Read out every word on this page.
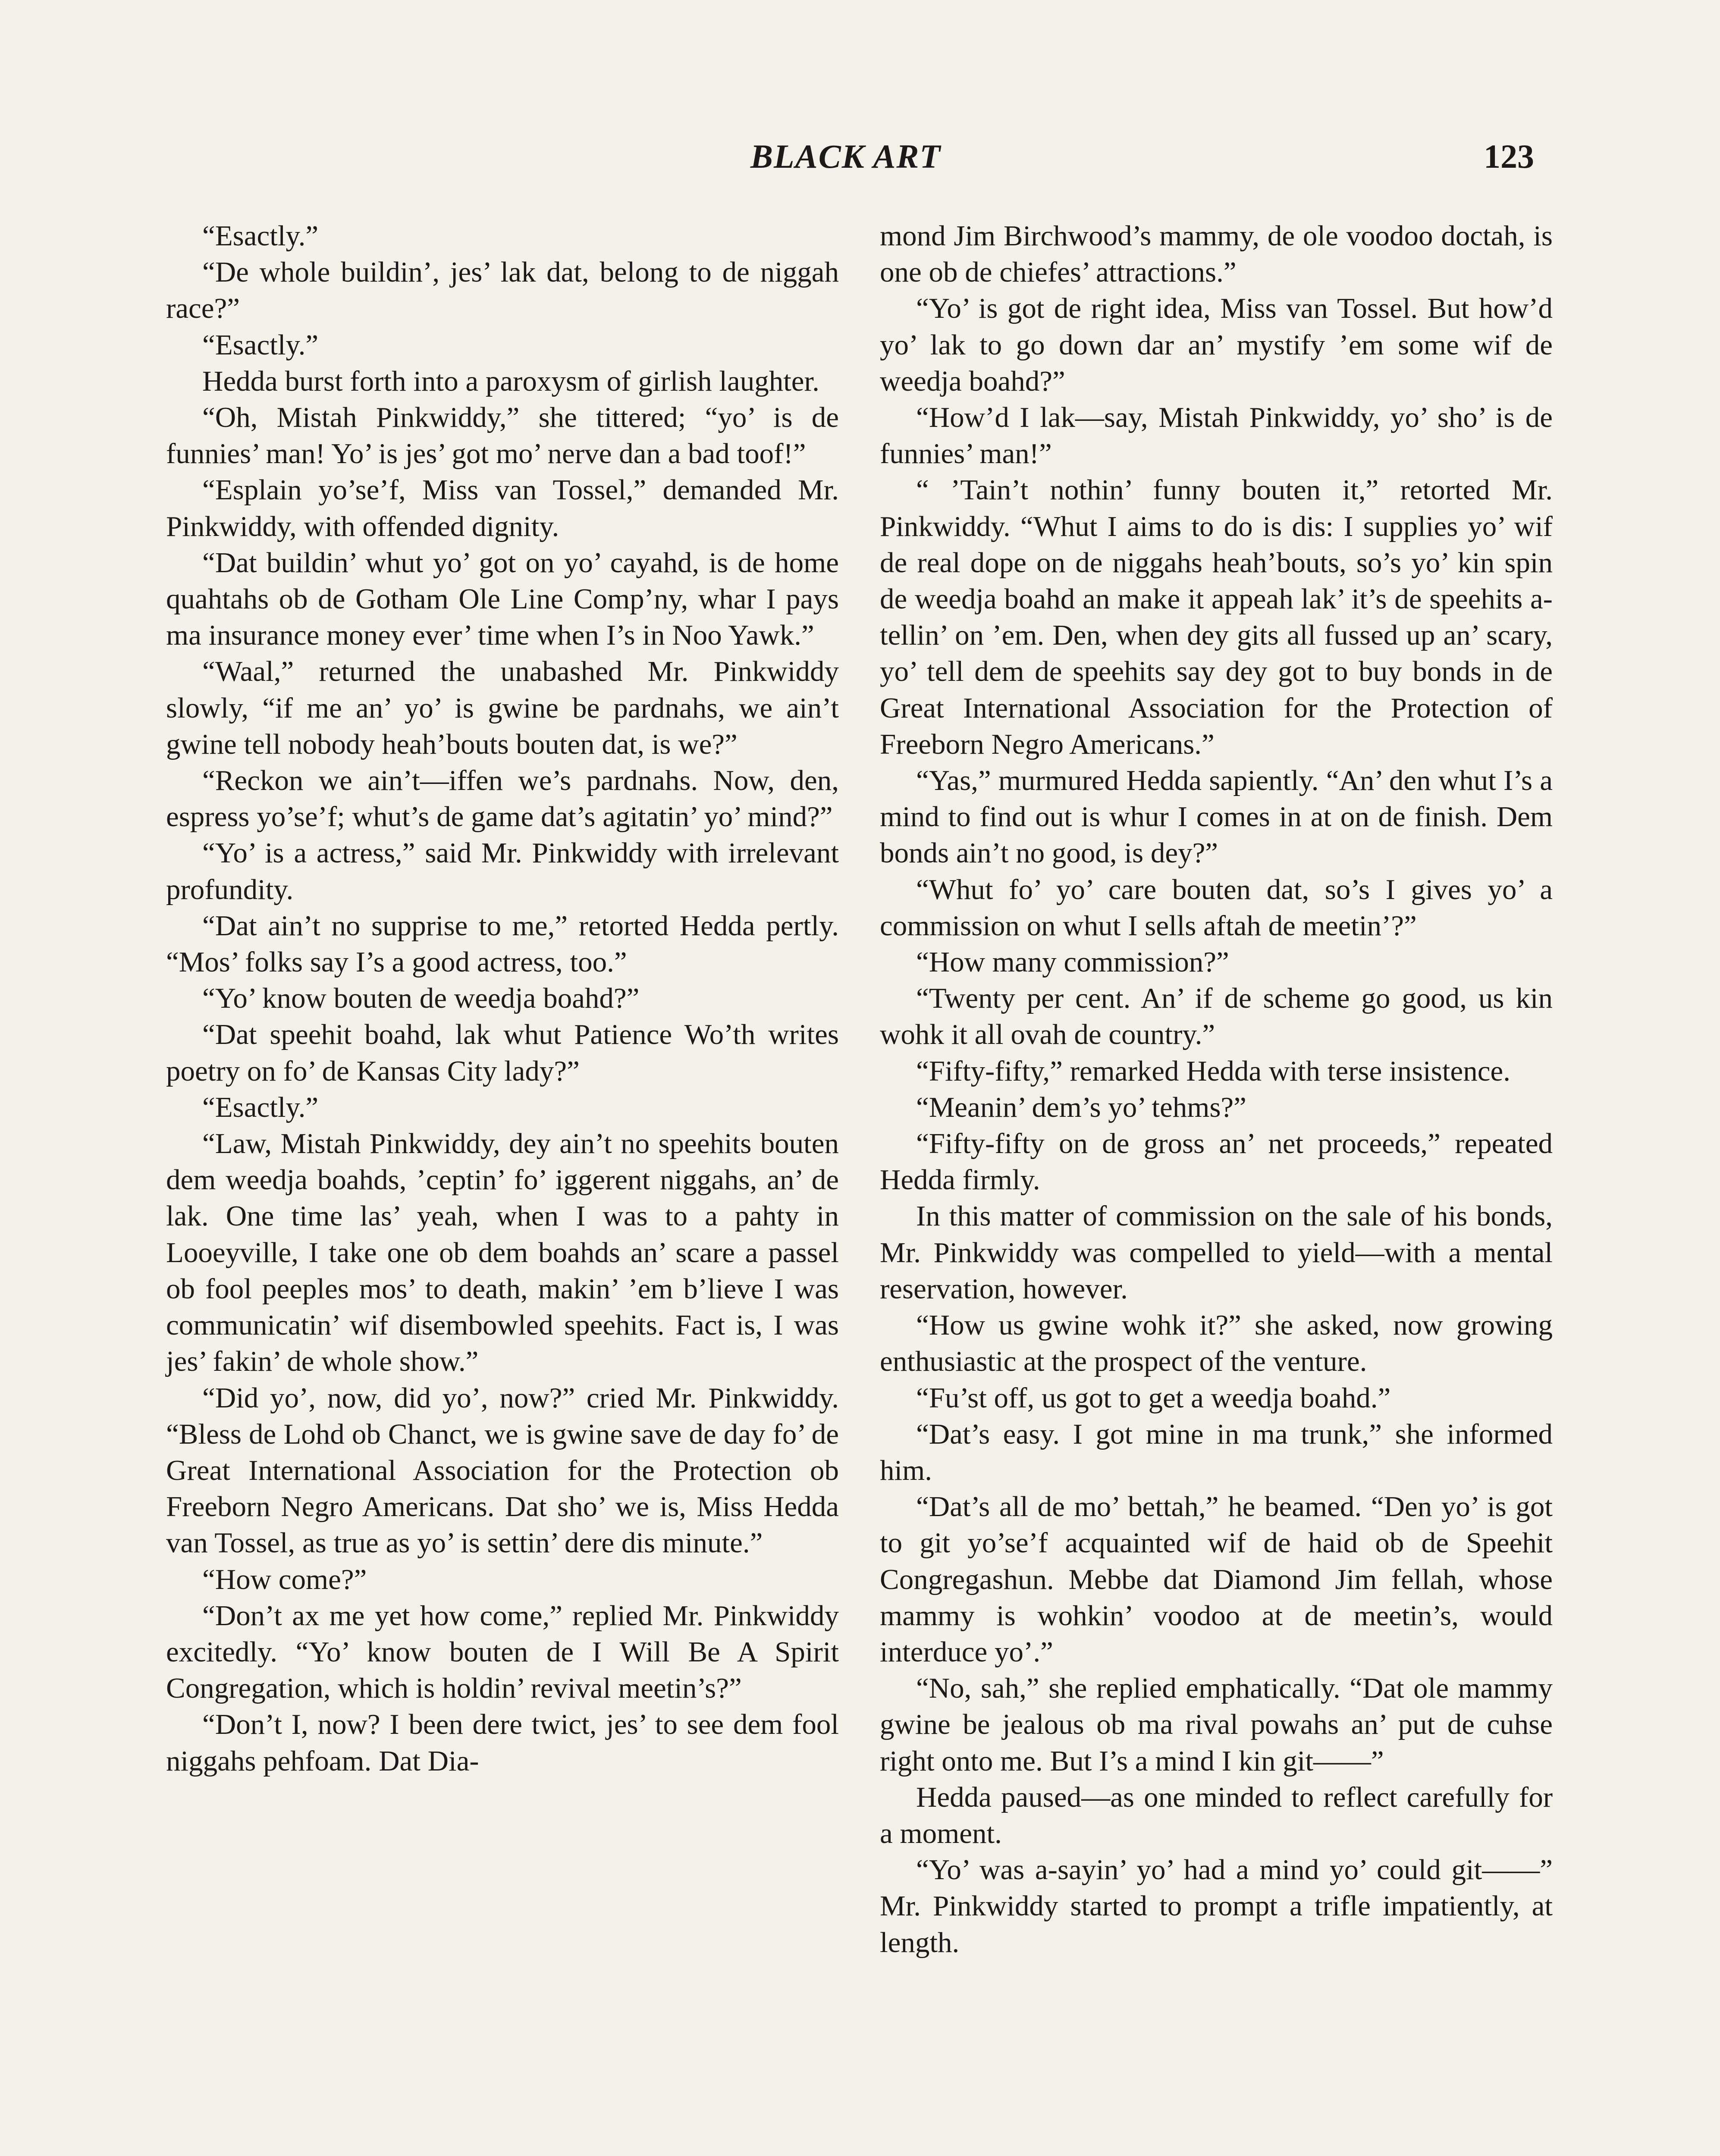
BLACK ART	123

“Esactly.”

“De whole buildin’, jes’ lak dat, belong to de niggah race?”

“Esactly.”

Hedda burst forth into a paroxysm of girlish laughter.

“Oh, Mistah Pinkwiddy,” she tittered; “yo’ is de funnies’ man! Yo’ is jes’ got mo’ nerve dan a bad toof!”

“Esplain yo’se’f, Miss van Tossel,” demanded Mr. Pinkwiddy, with offended dignity.

“Dat buildin’ whut yo’ got on yo’ cayahd, is de home quahtahs ob de Gotham Ole Line Comp’ny, whar I pays ma insurance money ever’ time when I’s in Noo Yawk.”

“Waal,” returned the unabashed Mr. Pinkwiddy slowly, “if me an’ yo’ is gwine be pardnahs, we ain’t gwine tell nobody heah’bouts bouten dat, is we?”

“Reckon we ain’t—iffen we’s pardnahs. Now, den, espress yo’se’f; whut’s de game dat’s agitatin’ yo’ mind?”

“Yo’ is a actress,” said Mr. Pinkwiddy with irrelevant profundity.

“Dat ain’t no supprise to me,” retorted Hedda pertly. “Mos’ folks say I’s a good actress, too.”

“Yo’ know bouten de weedja boahd?”

“Dat speehit boahd, lak whut Patience Wo’th writes poetry on fo’ de Kansas City lady?”

“Esactly.”

“Law, Mistah Pinkwiddy, dey ain’t no speehits bouten dem weedja boahds, ’ceptin’ fo’ iggerent niggahs, an’ de lak. One time las’ yeah, when I was to a pahty in Looeyville, I take one ob dem boahds an’ scare a passel ob fool peeples mos’ to death, makin’ ’em b’lieve I was communicatin’ wif disembowled speehits. Fact is, I was jes’ fakin’ de whole show.”

“Did yo’, now, did yo’, now?” cried Mr. Pinkwiddy. “Bless de Lohd ob Chanct, we is gwine save de day fo’ de Great International Association for the Protection ob Freeborn Negro Americans. Dat sho’ we is, Miss Hedda van Tossel, as true as yo’ is settin’ dere dis minute.”

“How come?”

“Don’t ax me yet how come,” replied Mr. Pinkwiddy excitedly. “Yo’ know bouten de I Will Be A Spirit Congregation, which is holdin’ revival meetin’s?”

“Don’t I, now? I been dere twict, jes’ to see dem fool niggahs pehfoam. Dat Dia-

mond Jim Birchwood’s mammy, de ole voodoo doctah, is one ob de chiefes’ attractions.”

“Yo’ is got de right idea, Miss van Tossel. But how’d yo’ lak to go down dar an’ mystify ’em some wif de weedja boahd?”

“How’d I lak—say, Mistah Pinkwiddy, yo’ sho’ is de funnies’ man!”

“ ’Tain’t nothin’ funny bouten it,” retorted Mr. Pinkwiddy. “Whut I aims to do is dis: I supplies yo’ wif de real dope on de niggahs heah’bouts, so’s yo’ kin spin de weedja boahd an make it appeah lak’ it’s de speehits a-tellin’ on ’em. Den, when dey gits all fussed up an’ scary, yo’ tell dem de speehits say dey got to buy bonds in de Great International Association for the Protection of Freeborn Negro Americans.”

“Yas,” murmured Hedda sapiently. “An’ den whut I’s a mind to find out is whur I comes in at on de finish. Dem bonds ain’t no good, is dey?”

“Whut fo’ yo’ care bouten dat, so’s I gives yo’ a commission on whut I sells aftah de meetin’?”

“How many commission?”

“Twenty per cent. An’ if de scheme go good, us kin wohk it all ovah de country.”

“Fifty-fifty,” remarked Hedda with terse insistence.

“Meanin’ dem’s yo’ tehms?”

“Fifty-fifty on de gross an’ net proceeds,” repeated Hedda firmly.

In this matter of commission on the sale of his bonds, Mr. Pinkwiddy was compelled to yield—with a mental reservation, however.

“How us gwine wohk it?” she asked, now growing enthusiastic at the prospect of the venture.

“Fu’st off, us got to get a weedja boahd.”

“Dat’s easy. I got mine in ma trunk,” she informed him.

“Dat’s all de mo’ bettah,” he beamed. “Den yo’ is got to git yo’se’f acquainted wif de haid ob de Speehit Congregashun. Mebbe dat Diamond Jim fellah, whose mammy is wohkin’ voodoo at de meetin’s, would interduce yo’.”

“No, sah,” she replied emphatically. “Dat ole mammy gwine be jealous ob ma rival powahs an’ put de cuhse right onto me. But I’s a mind I kin git——”

Hedda paused—as one minded to reflect carefully for a moment.

“Yo’ was a-sayin’ yo’ had a mind yo’ could git——” Mr. Pinkwiddy started to prompt a trifle impatiently, at length.
